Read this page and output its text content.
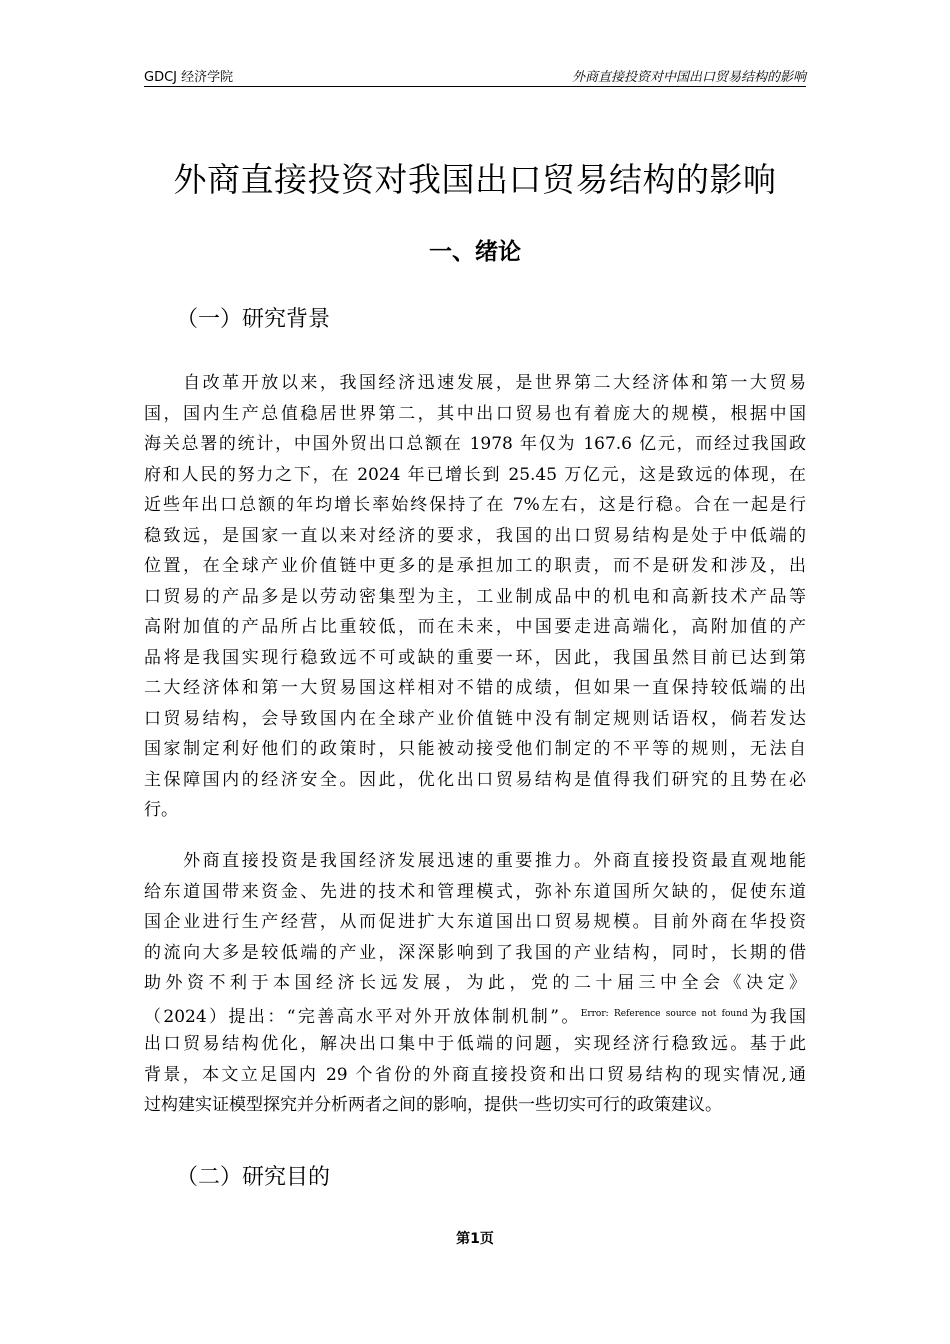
GDCJ 经济学院	外商直接投资对中国出口贸易结构的影响
外商直接投资对我国出口贸易结构的影响
一、绪论
（一）研究背景
　　自改革开放以来，我国经济迅速发展，是世界第二大经济体和第一大贸易
国，国内生产总值稳居世界第二，其中出口贸易也有着庞大的规模，根据中国
海关总署的统计，中国外贸出口总额在 1978 年仅为 167.6 亿元，而经过我国政
府和人民的努力之下，在 2024 年已增长到 25.45 万亿元，这是致远的体现，在
近些年出口总额的年均增长率始终保持了在 7%左右，这是行稳。合在一起是行
稳致远，是国家一直以来对经济的要求，我国的出口贸易结构是处于中低端的
位置，在全球产业价值链中更多的是承担加工的职责，而不是研发和涉及，出
口贸易的产品多是以劳动密集型为主，工业制成品中的机电和高新技术产品等
高附加值的产品所占比重较低，而在未来，中国要走进高端化，高附加值的产
品将是我国实现行稳致远不可或缺的重要一环，因此，我国虽然目前已达到第
二大经济体和第一大贸易国这样相对不错的成绩，但如果一直保持较低端的出
口贸易结构，会导致国内在全球产业价值链中没有制定规则话语权，倘若发达
国家制定利好他们的政策时，只能被动接受他们制定的不平等的规则，无法自
主保障国内的经济安全。因此，优化出口贸易结构是值得我们研究的且势在必
行。
　　外商直接投资是我国经济发展迅速的重要推力。外商直接投资最直观地能
给东道国带来资金、先进的技术和管理模式，弥补东道国所欠缺的，促使东道
国企业进行生产经营，从而促进扩大东道国出口贸易规模。目前外商在华投资
的流向大多是较低端的产业，深深影响到了我国的产业结构，同时，长期的借
助外资不利于本国经济长远发展，为此，党的二十届三中全会《决定》
（2024）提出：“完善高水平对外开放体制机制”。$^{Error: Reference source not found}$为我国
出口贸易结构优化，解决出口集中于低端的问题，实现经济行稳致远。基于此
背景，本文立足国内 29 个省份的外商直接投资和出口贸易结构的现实情况,通
过构建实证模型探究并分析两者之间的影响，提供一些切实可行的政策建议。
（二）研究目的
第1页
